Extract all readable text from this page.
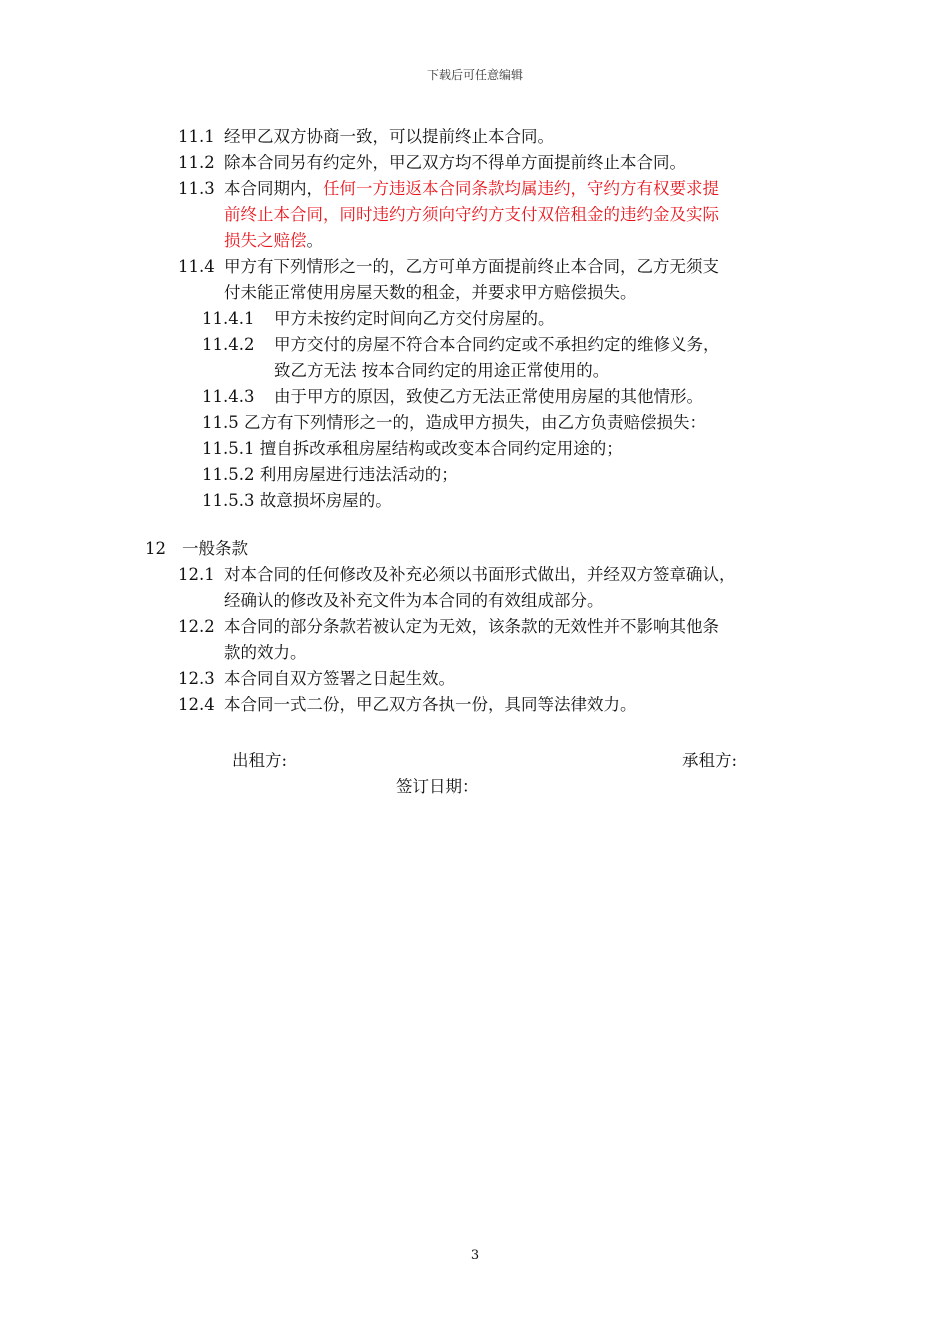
下载后可任意编辑
11.1 经甲乙双方协商一致，可以提前终止本合同。
11.2 除本合同另有约定外，甲乙双方均不得单方面提前终止本合同。
11.3 本合同期内，任何一方违返本合同条款均属违约，守约方有权要求提
前终止本合同，同时违约方须向守约方支付双倍租金的违约金及实际
损失之赔偿。
11.4 甲方有下列情形之一的，乙方可单方面提前终止本合同，乙方无须支
付未能正常使用房屋天数的租金，并要求甲方赔偿损失。
11.4.1 甲方未按约定时间向乙方交付房屋的。
11.4.2 甲方交付的房屋不符合本合同约定或不承担约定的维修义务，
致乙方无法 按本合同约定的用途正常使用的。
11.4.3 由于甲方的原因，致使乙方无法正常使用房屋的其他情形。
11.5 乙方有下列情形之一的，造成甲方损失，由乙方负责赔偿损失：
11.5.1 擅自拆改承租房屋结构或改变本合同约定用途的；
11.5.2 利用房屋进行违法活动的；
11.5.3 故意损坏房屋的。
12 一般条款
12.1 对本合同的任何修改及补充必须以书面形式做出，并经双方签章确认，
经确认的修改及补充文件为本合同的有效组成部分。
12.2 本合同的部分条款若被认定为无效，该条款的无效性并不影响其他条
款的效力。
12.3 本合同自双方签署之日起生效。
12.4 本合同一式二份，甲乙双方各执一份，具同等法律效力。
出租方:	承租方:
签订日期：
3
